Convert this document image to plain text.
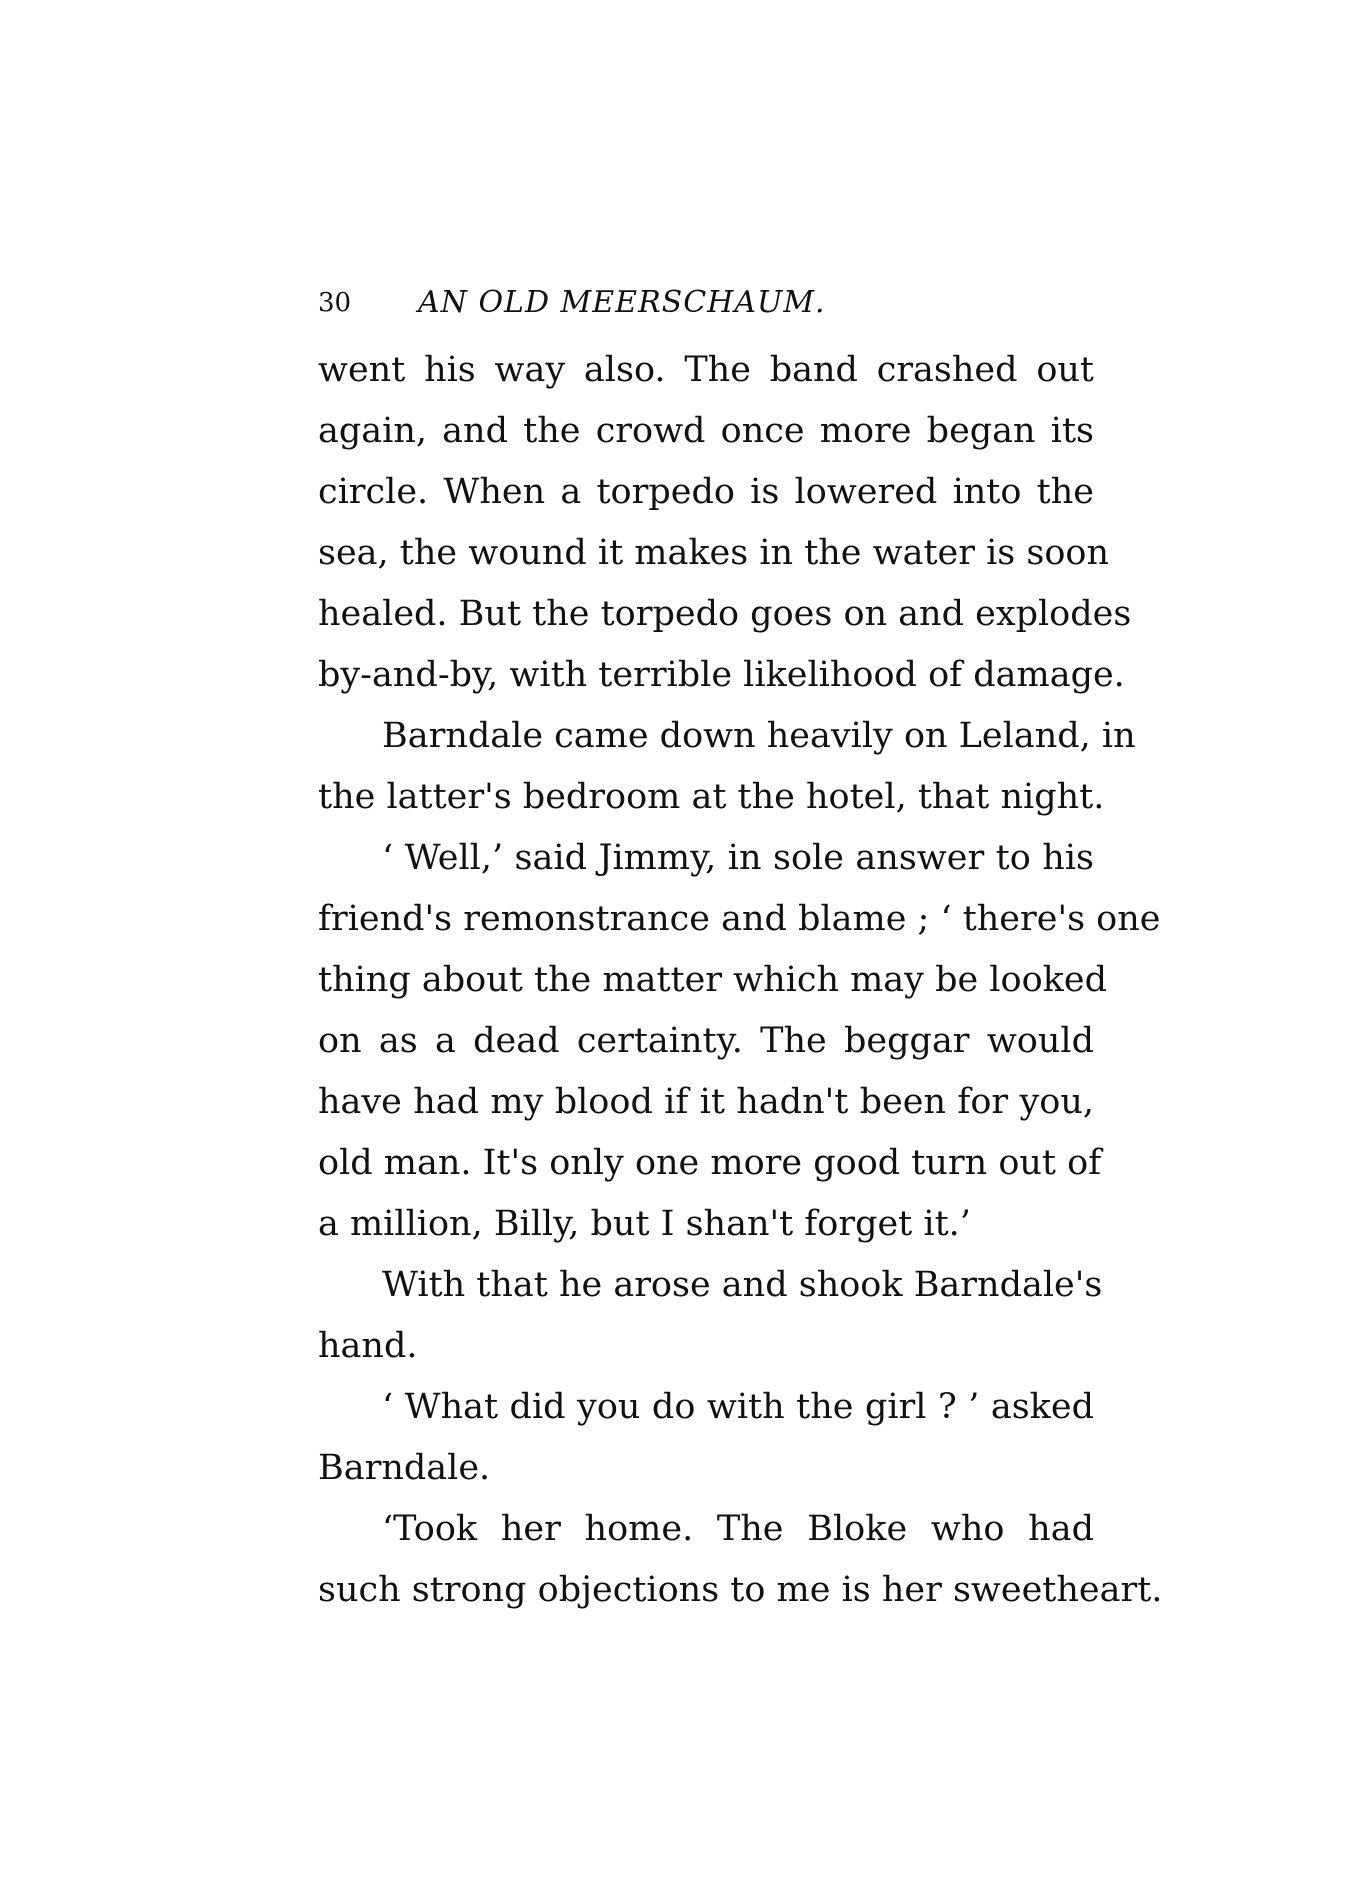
30 AN OLD MEERSCHAUM.
went his way also. The band crashed out
again, and the crowd once more began its
circle. When a torpedo is lowered into the
sea, the wound it makes in the water is soon
healed. But the torpedo goes on and explodes
by-and-by, with terrible likelihood of damage.
Barndale came down heavily on Leland, in
the latter's bedroom at the hotel, that night.
‘ Well,’ said Jimmy, in sole answer to his
friend's remonstrance and blame ; ‘ there's one
thing about the matter which may be looked
on as a dead certainty. The beggar would
have had my blood if it hadn't been for you,
old man. It's only one more good turn out of
a million, Billy, but I shan't forget it.’
With that he arose and shook Barndale's
hand.
‘ What did you do with the girl ? ’ asked
Barndale.
‘Took her home. The Bloke who had
such strong objections to me is her sweetheart.
